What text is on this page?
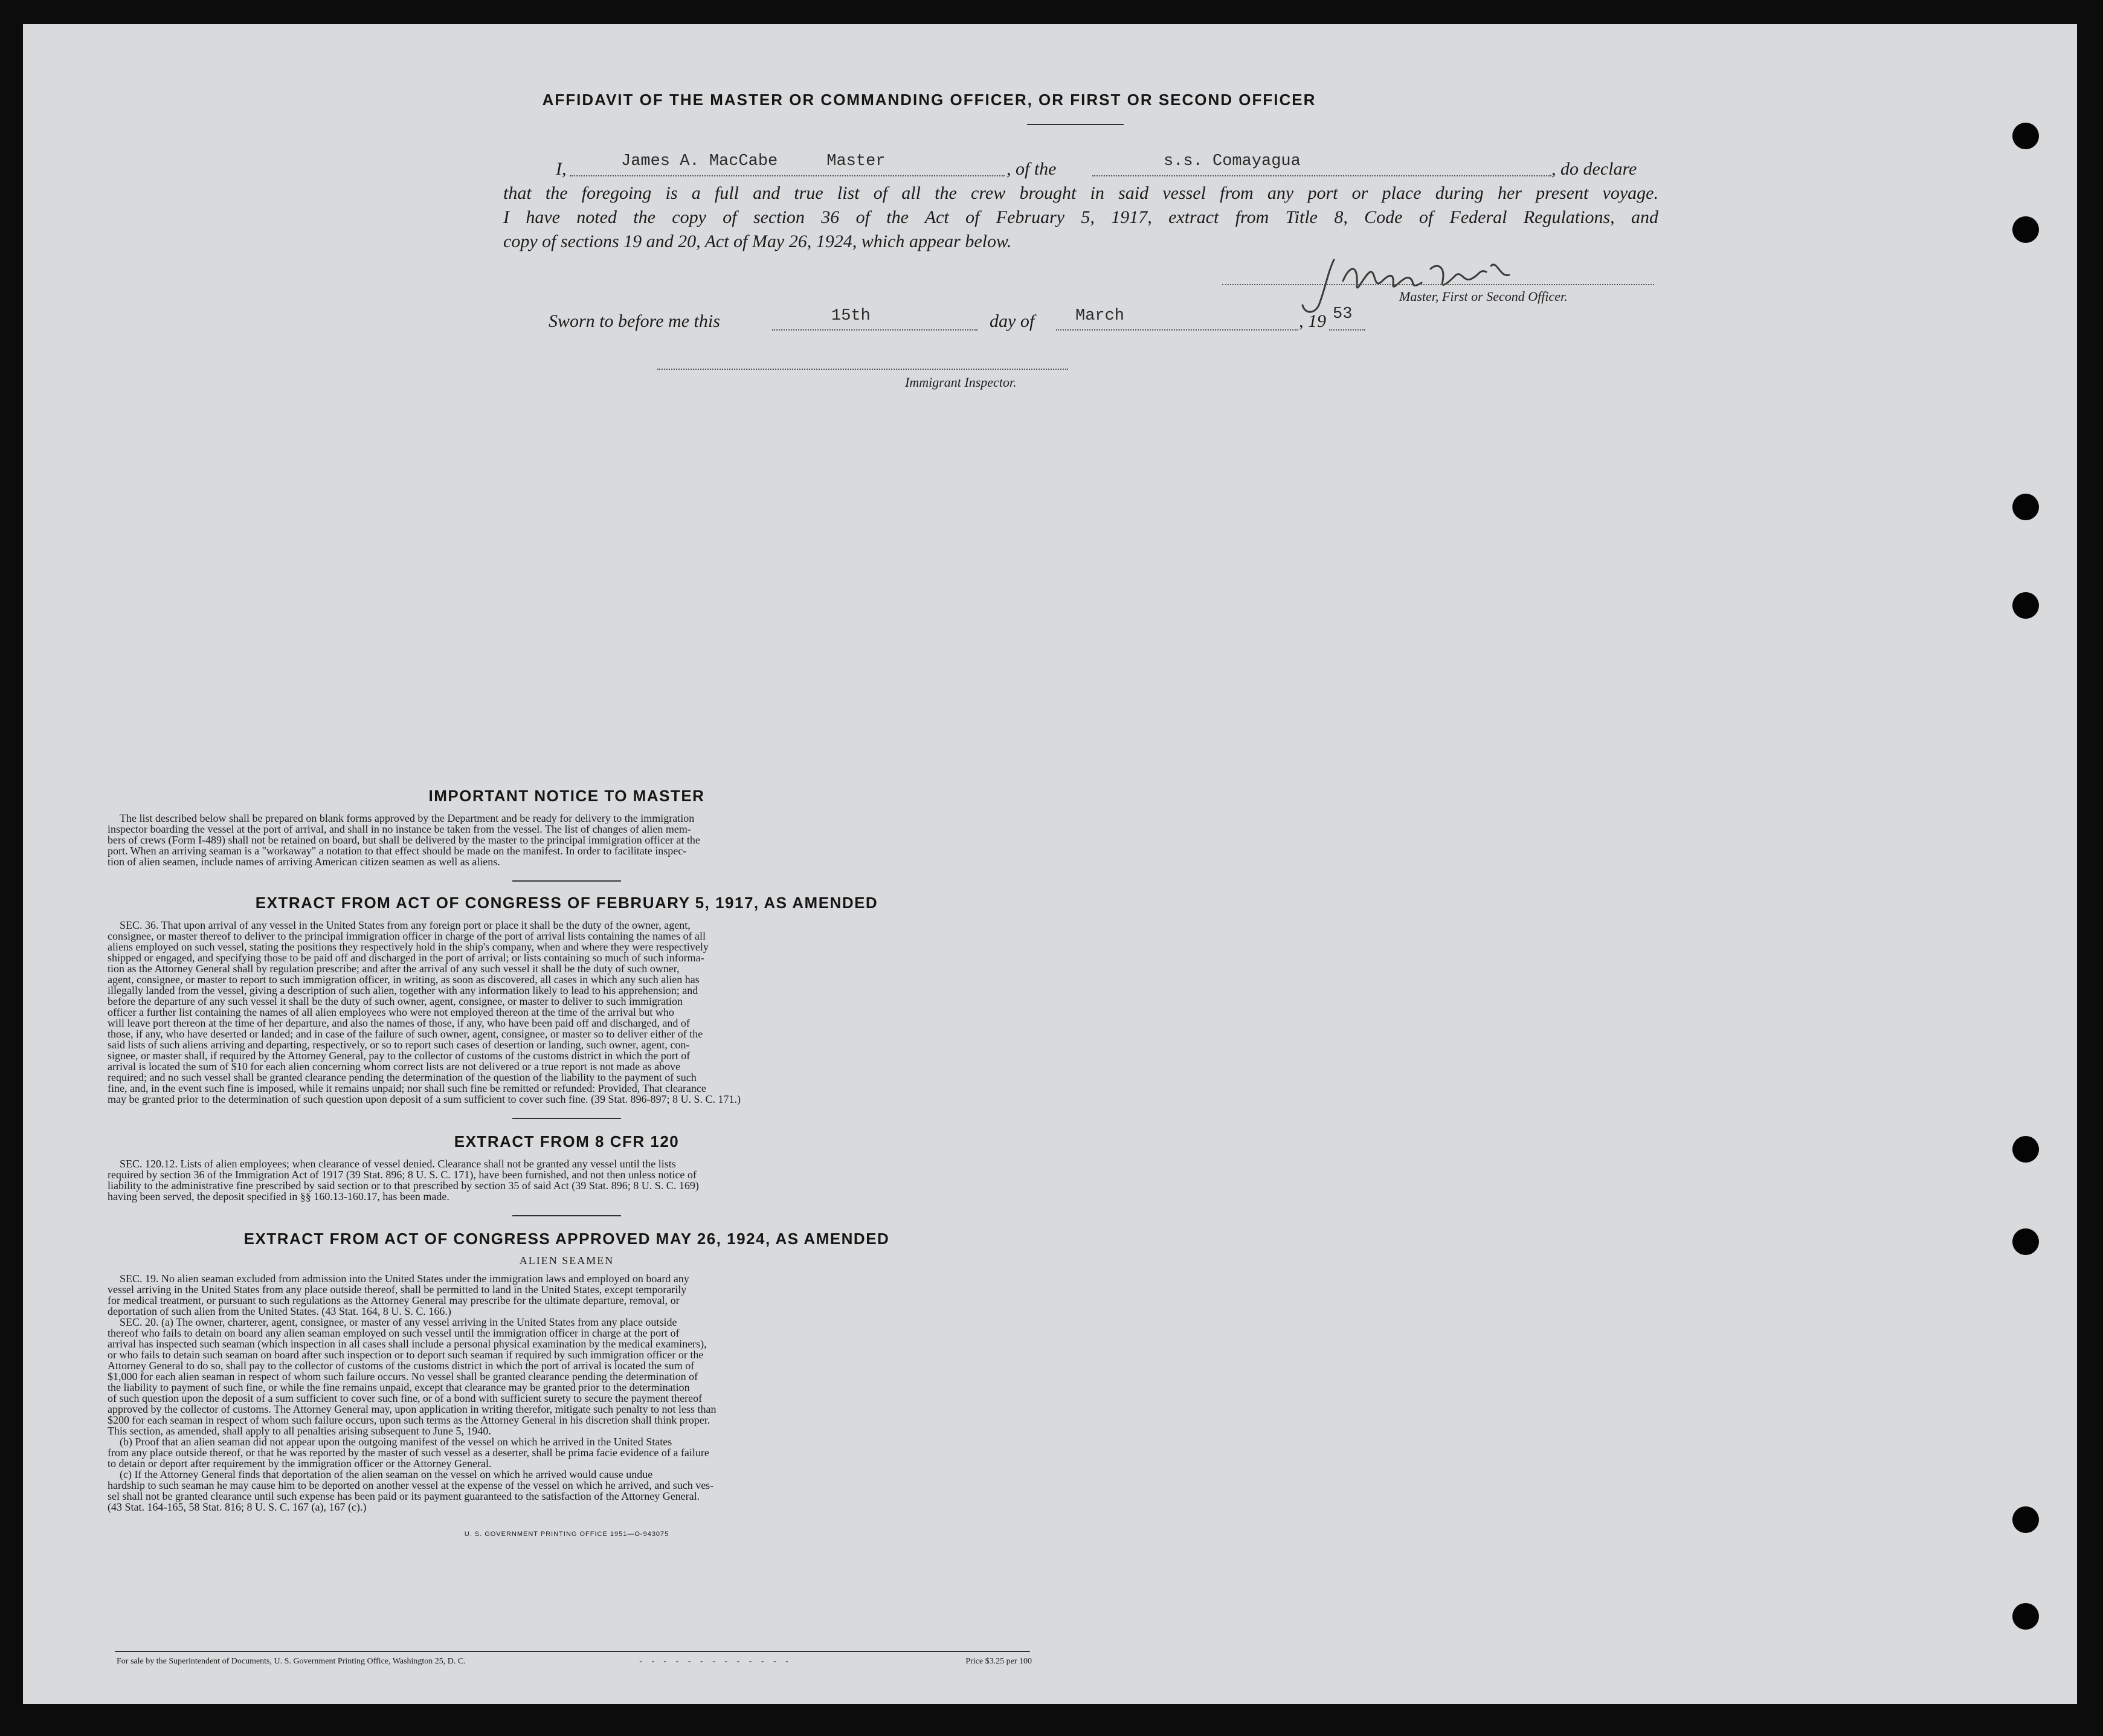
AFFIDAVIT OF THE MASTER OR COMMANDING OFFICER, OR FIRST OR SECOND OFFICER
I,	James A. MacCabe     Master	, of the	s.s. Comayagua	, do declare
that the foregoing is a full and true list of all the crew brought in said vessel from any port or place during her present voyage.
I have noted the copy of section 36 of the Act of February 5, 1917, extract from Title 8, Code of Federal Regulations, and
copy of sections 19 and 20, Act of May 26, 1924, which appear below.
Master, First or Second Officer.
Sworn to before me this	15th	day of	March	, 19 53
Immigrant Inspector.
IMPORTANT NOTICE TO MASTER
The list described below shall be prepared on blank forms approved by the Department and be ready for delivery to the immigration
inspector boarding the vessel at the port of arrival, and shall in no instance be taken from the vessel. The list of changes of alien mem-
bers of crews (Form I-489) shall not be retained on board, but shall be delivered by the master to the principal immigration officer at the
port. When an arriving seaman is a "workaway" a notation to that effect should be made on the manifest. In order to facilitate inspec-
tion of alien seamen, include names of arriving American citizen seamen as well as aliens.
EXTRACT FROM ACT OF CONGRESS OF FEBRUARY 5, 1917, AS AMENDED
SEC. 36. That upon arrival of any vessel in the United States from any foreign port or place it shall be the duty of the owner, agent,
consignee, or master thereof to deliver to the principal immigration officer in charge of the port of arrival lists containing the names of all
aliens employed on such vessel, stating the positions they respectively hold in the ship's company, when and where they were respectively
shipped or engaged, and specifying those to be paid off and discharged in the port of arrival; or lists containing so much of such informa-
tion as the Attorney General shall by regulation prescribe; and after the arrival of any such vessel it shall be the duty of such owner,
agent, consignee, or master to report to such immigration officer, in writing, as soon as discovered, all cases in which any such alien has
illegally landed from the vessel, giving a description of such alien, together with any information likely to lead to his apprehension; and
before the departure of any such vessel it shall be the duty of such owner, agent, consignee, or master to deliver to such immigration
officer a further list containing the names of all alien employees who were not employed thereon at the time of the arrival but who
will leave port thereon at the time of her departure, and also the names of those, if any, who have been paid off and discharged, and of
those, if any, who have deserted or landed; and in case of the failure of such owner, agent, consignee, or master so to deliver either of the
said lists of such aliens arriving and departing, respectively, or so to report such cases of desertion or landing, such owner, agent, con-
signee, or master shall, if required by the Attorney General, pay to the collector of customs of the customs district in which the port of
arrival is located the sum of $10 for each alien concerning whom correct lists are not delivered or a true report is not made as above
required; and no such vessel shall be granted clearance pending the determination of the question of the liability to the payment of such
fine, and, in the event such fine is imposed, while it remains unpaid; nor shall such fine be remitted or refunded: Provided, That clearance
may be granted prior to the determination of such question upon deposit of a sum sufficient to cover such fine. (39 Stat. 896-897; 8 U. S. C. 171.)
EXTRACT FROM 8 CFR 120
SEC. 120.12. Lists of alien employees; when clearance of vessel denied. Clearance shall not be granted any vessel until the lists
required by section 36 of the Immigration Act of 1917 (39 Stat. 896; 8 U. S. C. 171), have been furnished, and not then unless notice of
liability to the administrative fine prescribed by said section or to that prescribed by section 35 of said Act (39 Stat. 896; 8 U. S. C. 169)
having been served, the deposit specified in §§ 160.13-160.17, has been made.
EXTRACT FROM ACT OF CONGRESS APPROVED MAY 26, 1924, AS AMENDED
ALIEN SEAMEN
SEC. 19. No alien seaman excluded from admission into the United States under the immigration laws and employed on board any
vessel arriving in the United States from any place outside thereof, shall be permitted to land in the United States, except temporarily
for medical treatment, or pursuant to such regulations as the Attorney General may prescribe for the ultimate departure, removal, or
deportation of such alien from the United States. (43 Stat. 164, 8 U. S. C. 166.)
SEC. 20. (a) The owner, charterer, agent, consignee, or master of any vessel arriving in the United States from any place outside
thereof who fails to detain on board any alien seaman employed on such vessel until the immigration officer in charge at the port of
arrival has inspected such seaman (which inspection in all cases shall include a personal physical examination by the medical examiners),
or who fails to detain such seaman on board after such inspection or to deport such seaman if required by such immigration officer or the
Attorney General to do so, shall pay to the collector of customs of the customs district in which the port of arrival is located the sum of
$1,000 for each alien seaman in respect of whom such failure occurs. No vessel shall be granted clearance pending the determination of
the liability to payment of such fine, or while the fine remains unpaid, except that clearance may be granted prior to the determination
of such question upon the deposit of a sum sufficient to cover such fine, or of a bond with sufficient surety to secure the payment thereof
approved by the collector of customs. The Attorney General may, upon application in writing therefor, mitigate such penalty to not less than
$200 for each seaman in respect of whom such failure occurs, upon such terms as the Attorney General in his discretion shall think proper.
This section, as amended, shall apply to all penalties arising subsequent to June 5, 1940.
(b) Proof that an alien seaman did not appear upon the outgoing manifest of the vessel on which he arrived in the United States
from any place outside thereof, or that he was reported by the master of such vessel as a deserter, shall be prima facie evidence of a failure
to detain or deport after requirement by the immigration officer or the Attorney General.
(c) If the Attorney General finds that deportation of the alien seaman on the vessel on which he arrived would cause undue
hardship to such seaman he may cause him to be deported on another vessel at the expense of the vessel on which he arrived, and such ves-
sel shall not be granted clearance until such expense has been paid or its payment guaranteed to the satisfaction of the Attorney General.
(43 Stat. 164-165, 58 Stat. 816; 8 U. S. C. 167 (a), 167 (c).)
U. S. GOVERNMENT PRINTING OFFICE 1951—O-943075
For sale by the Superintendent of Documents, U. S. Government Printing Office, Washington 25, D. C.	- - - - - - - - - - - - -	Price $3.25 per 100
